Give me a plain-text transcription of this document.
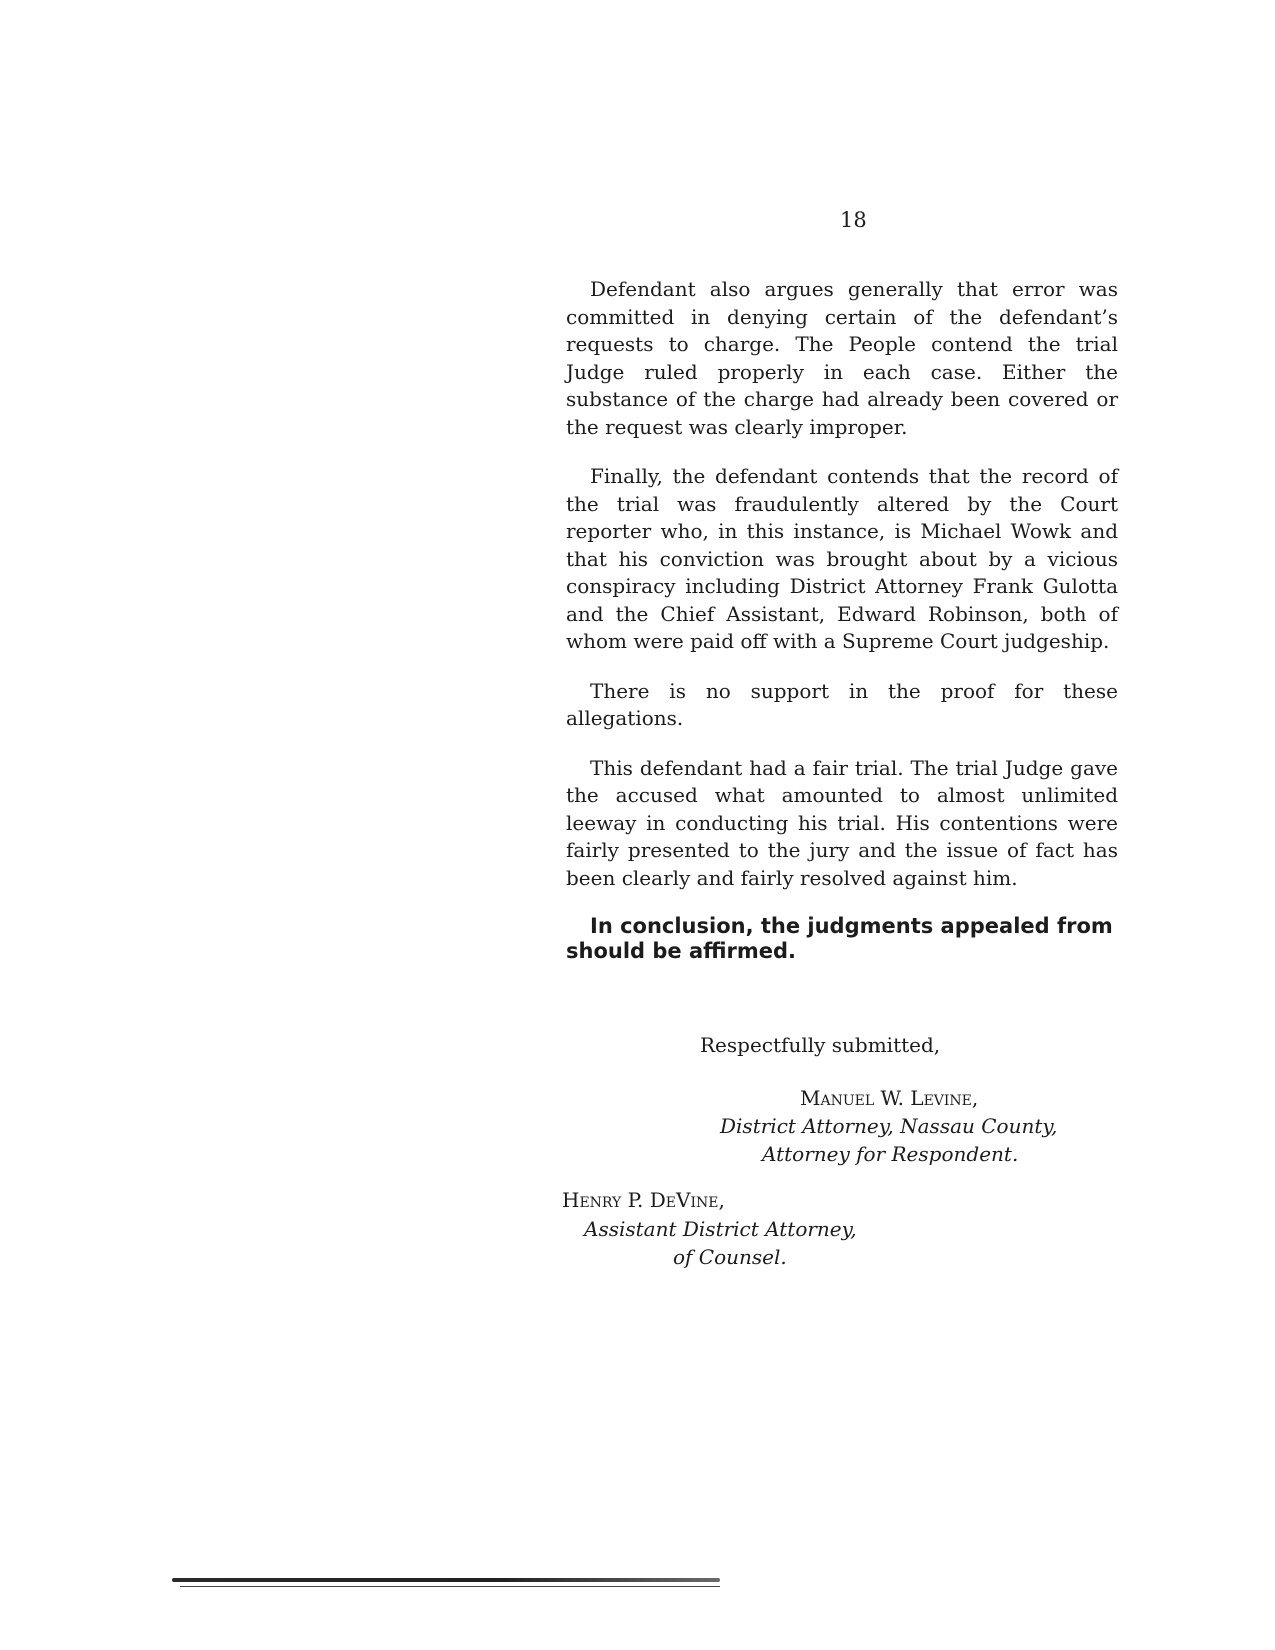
18

Defendant also argues generally that error was committed in denying certain of the defendant’s requests to charge. The People contend the trial Judge ruled properly in each case. Either the substance of the charge had already been covered or the request was clearly improper.

Finally, the defendant contends that the record of the trial was fraudulently altered by the Court reporter who, in this instance, is Michael Wowk and that his conviction was brought about by a vicious conspiracy including District Attorney Frank Gulotta and the Chief Assistant, Edward Robinson, both of whom were paid off with a Supreme Court judgeship.

There is no support in the proof for these allegations.

This defendant had a fair trial. The trial Judge gave the accused what amounted to almost unlimited leeway in conducting his trial. His contentions were fairly presented to the jury and the issue of fact has been clearly and fairly resolved against him.

In conclusion, the judgments appealed from should be affirmed.

Respectfully submitted,
Manuel W. Levine,
District Attorney, Nassau County,
Attorney for Respondent.
Henry P. DeVine,
Assistant District Attorney,
of Counsel.
